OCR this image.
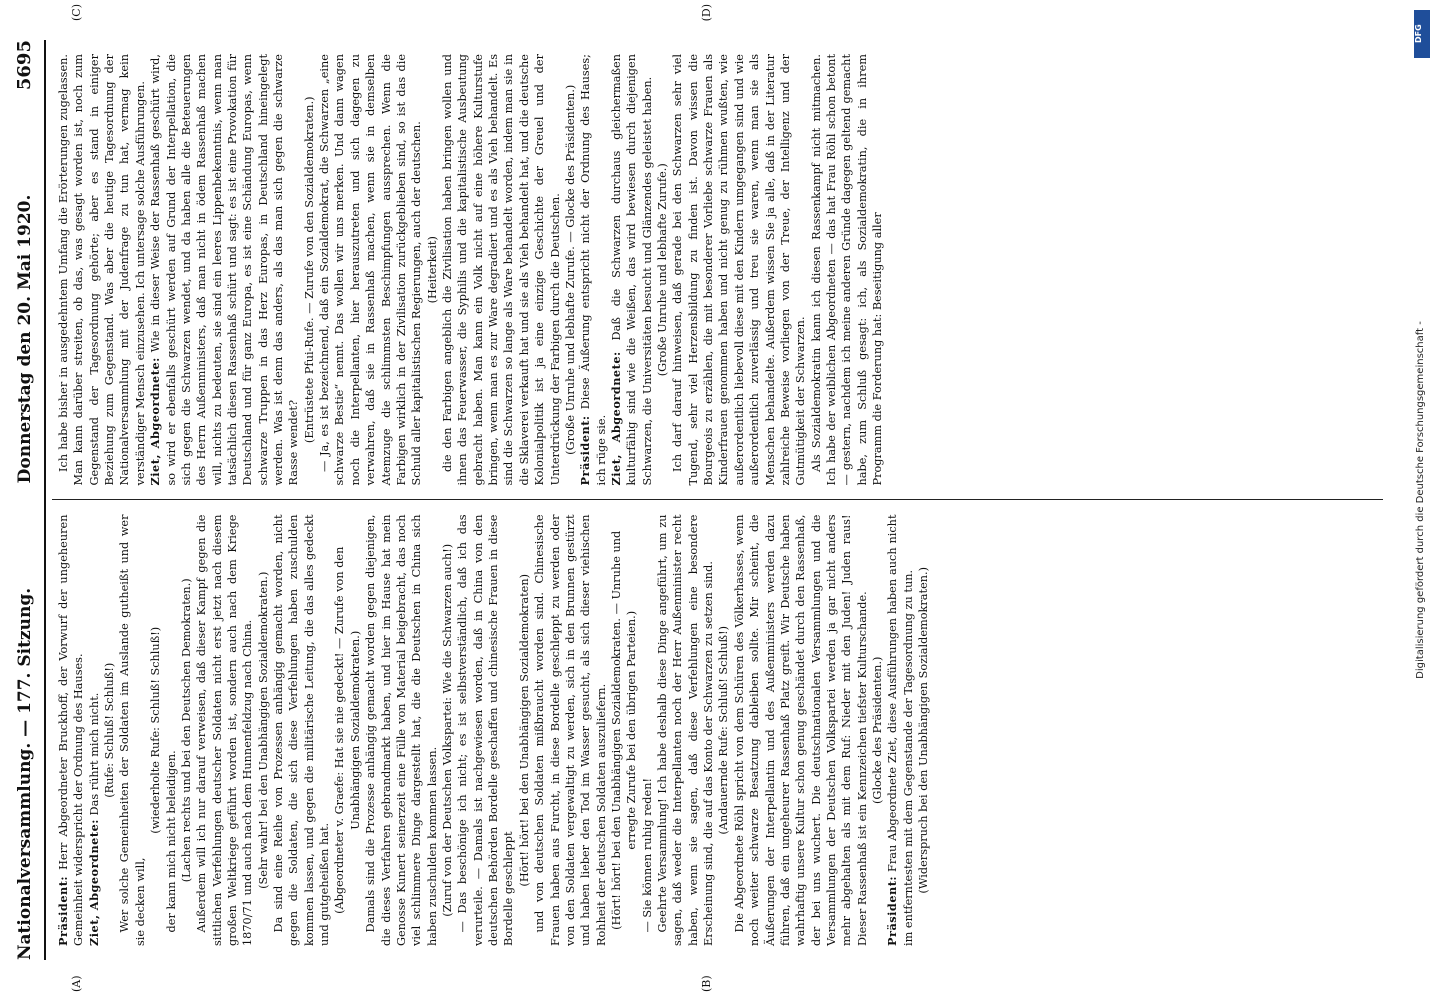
Nationalversammlung. — 177. Sitzung.
Donnerstag den 20. Mai 1920.
5695

Präsident: Herr Abgeordneter Bruckhoff, der Vorwurf der ungeheuren Gemeinheit widerspricht der Ordnung des Hauses. Ziet, Abgeordnete: Das rührt mich nicht. (Rufe: Schluß! Schluß!) Wer solche Gemeinheiten der Soldaten im Auslande gutheißt und wer sie decken will,

(wiederholte Rufe: Schluß! Schluß!)

der kann mich nicht beleidigen. (Lachen rechts und bei den Deutschen Demokraten.) Außerdem will ich nur darauf verweisen, daß dieser Kampf gegen die sittlichen Verfehlungen deutscher Soldaten nicht erst jetzt nach diesem großen Weltkriege geführt worden ist, sondern auch nach dem Kriege 1870/71 und auch nach dem Hunnenfeldzug nach China. (Sehr wahr! bei den Unabhängigen Sozialdemokraten.) Da sind eine Reihe von Prozessen anhängig gemacht worden, nicht gegen die Soldaten, die sich diese Verfehlungen haben zuschulden kommen lassen, und gegen die militärische Leitung, die das alles gedeckt und gutgeheißen hat. (Abgeordneter v. Graefe: Hat sie nie gedeckt! — Zurufe von den Unabhängigen Sozialdemokraten.) Damals sind die Prozesse anhängig gemacht worden gegen diejenigen, die dieses Verfahren gebrandmarkt haben, und hier im Hause hat mein Genosse Kunert seinerzeit eine Fülle von Material beigebracht, das noch viel schlimmere Dinge dargestellt hat, die die Deutschen in China sich haben zuschulden kommen lassen. (Zuruf von der Deutschen Volkspartei: Wie die Schwarzen auch!) — Das beschönige ich nicht; es ist selbstverständlich, daß ich das verurteile. — Damals ist nachgewiesen worden, daß in China von den deutschen Behörden Bordelle geschaffen und chinesische Frauen in diese Bordelle geschleppt

(Hört! hört! bei den Unabhängigen Sozialdemokraten) und von deutschen Soldaten mißbraucht worden sind. Chinesische Frauen haben aus Furcht, in diese Bordelle geschleppt zu werden oder von den Soldaten vergewaltigt zu werden, sich in den Brunnen gestürzt und haben lieber den Tod im Wasser gesucht, als sich dieser viehischen Rohheit der deutschen Soldaten auszuliefern. (Hört! hört! bei den Unabhängigen Sozialdemokraten. — Unruhe und erregte Zurufe bei den übrigen Parteien.)

— Sie können ruhig reden! Geehrte Versammlung! Ich habe deshalb diese Dinge angeführt, um zu sagen, daß weder die Interpellanten noch der Herr Außenminister recht haben, wenn sie sagen, daß diese Verfehlungen eine besondere Erscheinung sind, die auf das Konto der Schwarzen zu setzen sind. (Andauernde Rufe: Schluß! Schluß!) Die Abgeordnete Röhl spricht von dem Schüren des Völkerhasses, wenn noch weiter schwarze Besatzung dableiben sollte. Mir scheint, die Äußerungen der Interpellantin und des Außenministers werden dazu führen, daß ein ungeheurer Rassenhaß Platz greift. Wir Deutsche haben wahrhaftig unsere Kultur schon genug geschändet durch den Rassenhaß, der bei uns wuchert. Die deutschnationalen Versammlungen und die Versammlungen der Deutschen Volkspartei werden ja gar nicht anders mehr abgehalten als mit dem Ruf: Nieder mit den Juden! Juden raus! Dieser Rassenhaß ist ein Kennzeichen tiefster Kulturschande. (Glocke des Präsidenten.)

Präsident: Frau Abgeordnete Ziet, diese Ausführungen haben auch nicht im entferntesten mit dem Gegenstande der Tagesordnung zu tun. (Widerspruch bei den Unabhängigen Sozialdemokraten.)

Ich habe bisher in ausgedehntem Umfang die Erörterungen zugelassen. Man kann darüber streiten, ob das, was gesagt worden ist, noch zum Gegenstand der Tagesordnung gehörte; aber es stand in einiger Beziehung zum Gegenstand. Was aber die heutige Tagesordnung der Nationalversammlung mit der Judenfrage zu tun hat, vermag kein verständiger Mensch einzusehen. Ich untersage solche Ausführungen. Ziet, Abgeordnete: Wie in dieser Weise der Rassenhaß geschürt wird, so wird er ebenfalls geschürt werden auf Grund der Interpellation, die sich gegen die Schwarzen wendet, und da haben alle die Beteuerungen des Herrn Außenministers, daß man nicht in ödem Rassenhaß machen will, nichts zu bedeuten, sie sind ein leeres Lippenbekenntnis, wenn man tatsächlich diesen Rassenhaß schürt und sagt: es ist eine Provokation für Deutschland und für ganz Europa, es ist eine Schändung Europas, wenn schwarze Truppen in das Herz Europas, in Deutschland hineingelegt werden. Was ist denn das anders, als das man sich gegen die schwarze Rasse wendet? (Entrüstete Pfui-Rufe. — Zurufe von den Sozialdemokraten.) — Ja, es ist bezeichnend, daß ein Sozialdemokrat, die Schwarzen „eine schwarze Bestie“ nennt. Das wollen wir uns merken. Und dann wagen noch die Interpellanten, hier herauszutreten und sich dagegen zu verwahren, daß sie in Rassenhaß machen, wenn sie in demselben Atemzuge die schlimmsten Beschimpfungen aussprechen. Wenn die Farbigen wirklich in der Zivilisation zurückgeblieben sind, so ist das die Schuld aller kapitalistischen Regierungen, auch der deutschen. (Heiterkeit) die den Farbigen angeblich die Zivilisation haben bringen wollen und ihnen das Feuerwasser, die Syphilis und die kapitalistische Ausbeutung gebracht haben. Man kann ein Volk nicht auf eine höhere Kulturstufe bringen, wenn man es zur Ware degradiert und es als Vieh behandelt. Es sind die Schwarzen so lange als Ware behandelt worden, indem man sie in die Sklaverei verkauft hat und sie als Vieh behandelt hat, und die deutsche Kolonialpolitik ist ja eine einzige Geschichte der Greuel und der Unterdrückung der Farbigen durch die Deutschen. (Große Unruhe und lebhafte Zurufe. — Glocke des Präsidenten.) Präsident: Diese Äußerung entspricht nicht der Ordnung des Hauses; ich rüge sie. Ziet, Abgeordnete: Daß die Schwarzen durchaus gleichermaßen kulturfähig sind wie die Weißen, das wird bewiesen durch diejenigen Schwarzen, die Universitäten besucht und Glänzendes geleistet haben. (Große Unruhe und lebhafte Zurufe.) Ich darf darauf hinweisen, daß gerade bei den Schwarzen sehr viel Tugend, sehr viel Herzensbildung zu finden ist. Davon wissen die Bourgeois zu erzählen, die mit besonderer Vorliebe schwarze Frauen als Kinderfrauen genommen haben und nicht genug zu rühmen wußten, wie außerordentlich liebevoll diese mit den Kindern umgegangen sind und wie außerordentlich zuverlässig und treu sie waren, wenn man sie als Menschen behandelte. Außerdem wissen Sie ja alle, daß in der Literatur zahlreiche Beweise vorliegen von der Treue, der Intelligenz und der Gutmütigkeit der Schwarzen. Als Sozialdemokratin kann ich diesen Rassenkampf nicht mitmachen. Ich habe der weiblichen Abgeordneten — das hat Frau Röhl schon betont — gestern, nachdem ich meine anderen Gründe dagegen geltend gemacht habe, zum Schluß gesagt: ich, als Sozialdemokratin, die in ihrem Programm die Forderung hat: Beseitigung aller

(A)	(B)
(C)	(D)
Digitalisierung gefördert durch die Deutsche Forschungsgemeinschaft -
DFG
